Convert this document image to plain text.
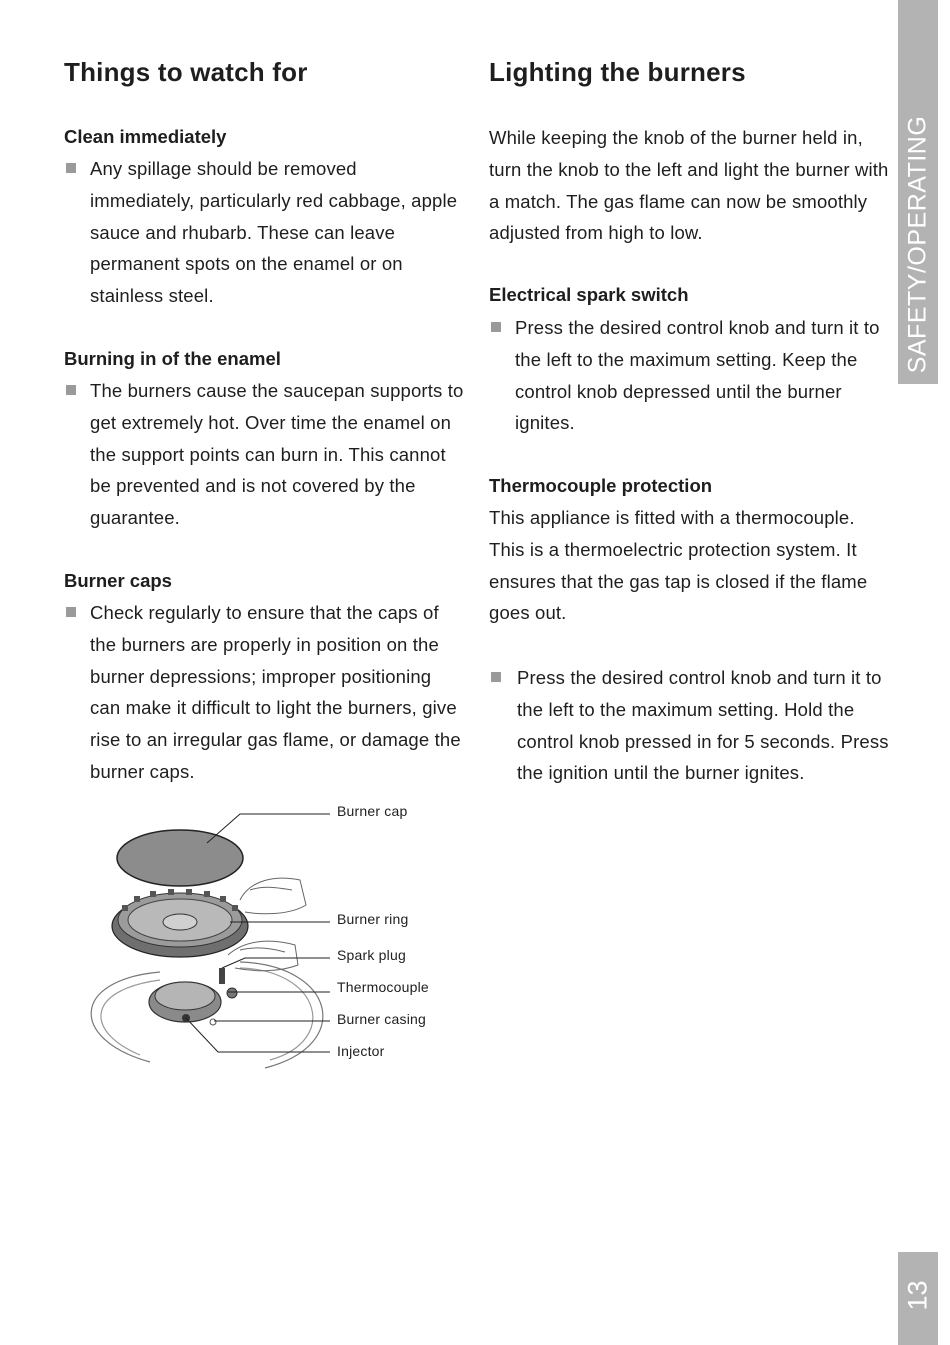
Things to watch for
Clean immediately

Any spillage should be removed immediately, particularly red cabbage, apple sauce and rhubarb. These can leave permanent spots on the enamel or on stainless steel.

Burning in of the enamel

The burners cause the saucepan supports to get extremely hot. Over time the enamel on the support points can burn in. This cannot be prevented and is not covered by the guarantee.

Burner caps

Check regularly to ensure that the caps of the burners are properly in position on the burner depressions; improper positioning can make it difficult to light the burners, give rise to an irregular gas flame, or damage the burner caps.

Lighting the burners

While keeping the knob of the burner held in, turn the knob to the left and light the burner with a match. The gas flame can now be smoothly adjusted from high to low.

Electrical spark switch

Press the desired control knob and turn it to the left to the maximum setting. Keep the control knob depressed until the burner ignites.

Thermocouple protection

This appliance is fitted with a thermocouple. This is a thermoelectric protection system. It ensures that the gas tap is closed if the flame goes out.

Press the desired control knob and turn it to the left to the maximum setting. Hold the control knob pressed in for 5 seconds. Press the ignition until the burner ignites.

SAFETY/OPERATING
13
Burner cap
Burner ring
Spark plug
Thermocouple
Burner casing
Injector
